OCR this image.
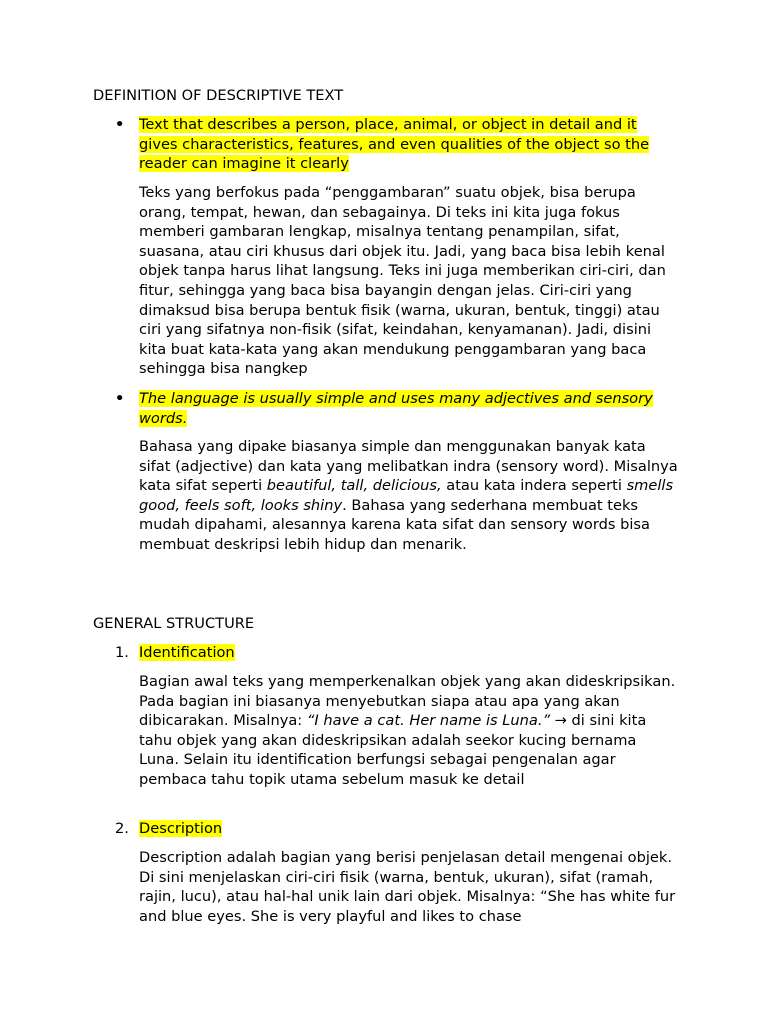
DEFINITION OF DESCRIPTIVE TEXT
•	Text that describes a person, place, animal, or object in detail and it gives characteristics, features, and even qualities of the object so the reader can imagine it clearly

Teks yang berfokus pada “penggambaran” suatu objek, bisa berupa orang, tempat, hewan, dan sebagainya. Di teks ini kita juga fokus memberi gambaran lengkap, misalnya tentang penampilan, sifat, suasana, atau ciri khusus dari objek itu. Jadi, yang baca bisa lebih kenal objek tanpa harus lihat langsung. Teks ini juga memberikan ciri-ciri, dan fitur, sehingga yang baca bisa bayangin dengan jelas. Ciri-ciri yang dimaksud bisa berupa bentuk fisik (warna, ukuran, bentuk, tinggi) atau ciri yang sifatnya non-fisik (sifat, keindahan, kenyamanan). Jadi, disini kita buat kata-kata yang akan mendukung penggambaran yang baca sehingga bisa nangkep

•	The language is usually simple and uses many adjectives and sensory words.

Bahasa yang dipake biasanya simple dan menggunakan banyak kata sifat (adjective) dan kata yang melibatkan indra (sensory word). Misalnya kata sifat seperti beautiful, tall, delicious, atau kata indera seperti smells good, feels soft, looks shiny. Bahasa yang sederhana membuat teks mudah dipahami, alesannya karena kata sifat dan sensory words bisa membuat deskripsi lebih hidup dan menarik.

GENERAL STRUCTURE
1. Identification

Bagian awal teks yang memperkenalkan objek yang akan dideskripsikan. Pada bagian ini biasanya menyebutkan siapa atau apa yang akan dibicarakan. Misalnya: “I have a cat. Her name is Luna.” → di sini kita tahu objek yang akan dideskripsikan adalah seekor kucing bernama Luna. Selain itu identification berfungsi sebagai pengenalan agar pembaca tahu topik utama sebelum masuk ke detail

2. Description

Description adalah bagian yang berisi penjelasan detail mengenai objek. Di sini menjelaskan ciri-ciri fisik (warna, bentuk, ukuran), sifat (ramah, rajin, lucu), atau hal-hal unik lain dari objek. Misalnya: “She has white fur and blue eyes. She is very playful and likes to chase
